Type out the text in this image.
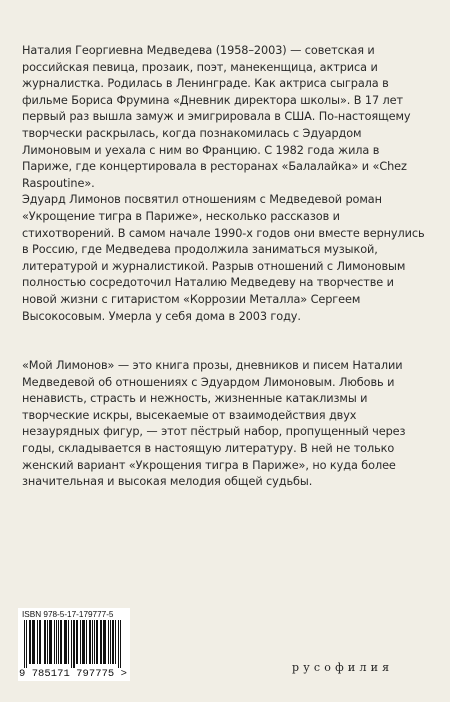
Наталия Георгиевна Медведева (1958–2003) — советская и российская певица, прозаик, поэт, манекенщица, актриса и журналистка. Родилась в Ленинграде. Как актриса сыграла в фильме Бориса Фрумина «Дневник директора школы». В 17 лет первый раз вышла замуж и эмигрировала в США. По-настоящему творчески раскрылась, когда познакомилась с Эдуардом Лимоновым и уехала с ним во Францию. С 1982 года жила в Париже, где концертировала в ресторанах «Балалайка» и «Chez Raspoutine».

Эдуард Лимонов посвятил отношениям с Медведевой роман «Укрощение тигра в Париже», несколько рассказов и стихотворений. В самом начале 1990-х годов они вместе вернулись в Россию, где Медведева продолжила заниматься музыкой, литературой и журналистикой. Разрыв отношений с Лимоновым полностью сосредоточил Наталию Медведеву на творчестве и новой жизни с гитаристом «Коррозии Металла» Сергеем Высокосовым. Умерла у себя дома в 2003 году.

«Мой Лимонов» — это книга прозы, дневников и писем Наталии Медведевой об отношениях с Эдуардом Лимоновым. Любовь и ненависть, страсть и нежность, жизненные катаклизмы и творческие искры, высекаемые от взаимодействия двух незаурядных фигур, — этот пёстрый набор, пропущенный через годы, складывается в настоящую литературу. В ней не только женский вариант «Укрощения тигра в Париже», но куда более значительная и высокая мелодия общей судьбы.

ISBN 978-5-17-179777-5
9 785171 797775 >	русофилия
